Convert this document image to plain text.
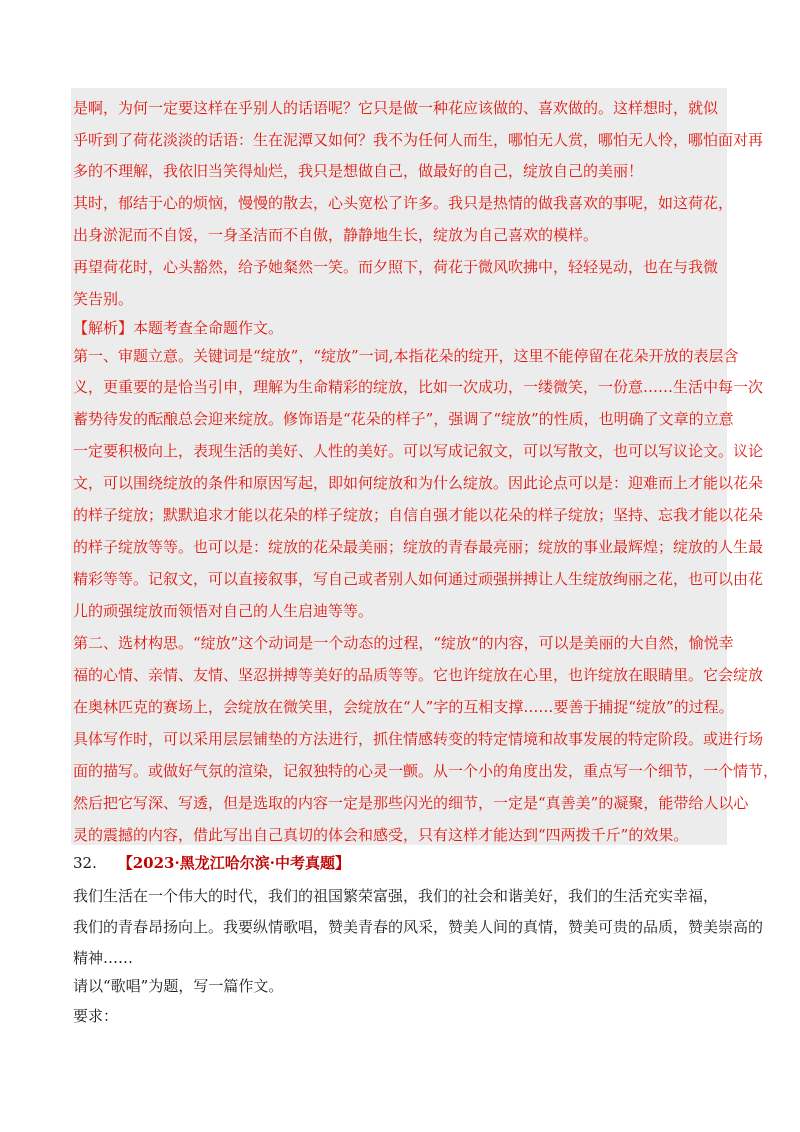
是啊，为何一定要这样在乎别人的话语呢？它只是做一种花应该做的、喜欢做的。这样想时，就似
乎听到了荷花淡淡的话语：生在泥潭又如何？我不为任何人而生，哪怕无人赏，哪怕无人怜，哪怕面对再
多的不理解，我依旧当笑得灿烂，我只是想做自己，做最好的自己，绽放自己的美丽！
其时，郁结于心的烦恼，慢慢的散去，心头宽松了许多。我只是热情的做我喜欢的事呢，如这荷花，
出身淤泥而不自馁，一身圣洁而不自傲，静静地生长，绽放为自己喜欢的模样。
再望荷花时，心头豁然，给予她粲然一笑。而夕照下，荷花于微风吹拂中，轻轻晃动，也在与我微
笑告别。
【解析】本题考查全命题作文。
第一、审题立意。关键词是“绽放”，“绽放”一词,本指花朵的绽开，这里不能停留在花朵开放的表层含
义，更重要的是恰当引申，理解为生命精彩的绽放，比如一次成功，一缕微笑，一份意……生活中每一次
蓄势待发的酝酿总会迎来绽放。修饰语是“花朵的样子”，强调了“绽放”的性质，也明确了文章的立意
一定要积极向上，表现生活的美好、人性的美好。可以写成记叙文，可以写散文，也可以写议论文。议论
文，可以围绕绽放的条件和原因写起，即如何绽放和为什么绽放。因此论点可以是：迎难而上才能以花朵
的样子绽放；默默追求才能以花朵的样子绽放；自信自强才能以花朵的样子绽放；坚持、忘我才能以花朵
的样子绽放等等。也可以是：绽放的花朵最美丽；绽放的青春最亮丽；绽放的事业最辉煌；绽放的人生最
精彩等等。记叙文，可以直接叙事，写自己或者别人如何通过顽强拼搏让人生绽放绚丽之花，也可以由花
儿的顽强绽放而领悟对自己的人生启迪等等。
第二、选材构思。“绽放”这个动词是一个动态的过程，“绽放“的内容，可以是美丽的大自然，愉悦幸
福的心情、亲情、友情、坚忍拼搏等美好的品质等等。它也许绽放在心里，也许绽放在眼睛里。它会绽放
在奥林匹克的赛场上，会绽放在微笑里，会绽放在“人”字的互相支撑……要善于捕捉“绽放”的过程。
具体写作时，可以采用层层铺垫的方法进行，抓住情感转变的特定情境和故事发展的特定阶段。或进行场
面的描写。或做好气氛的渲染，记叙独特的心灵一颤。从一个小的角度出发，重点写一个细节，一个情节，
然后把它写深、写透，但是选取的内容一定是那些闪光的细节，一定是“真善美”的凝聚，能带给人以心
灵的震撼的内容，借此写出自己真切的体会和感受，只有这样才能达到“四两拨千斤”的效果。
32. 【2023·黑龙江哈尔滨·中考真题】
我们生活在一个伟大的时代，我们的祖国繁荣富强，我们的社会和谐美好，我们的生活充实幸福，
我们的青春昂扬向上。我要纵情歌唱，赞美青春的风采，赞美人间的真情，赞美可贵的品质，赞美崇高的
精神……
请以“歌唱”为题，写一篇作文。
要求：
